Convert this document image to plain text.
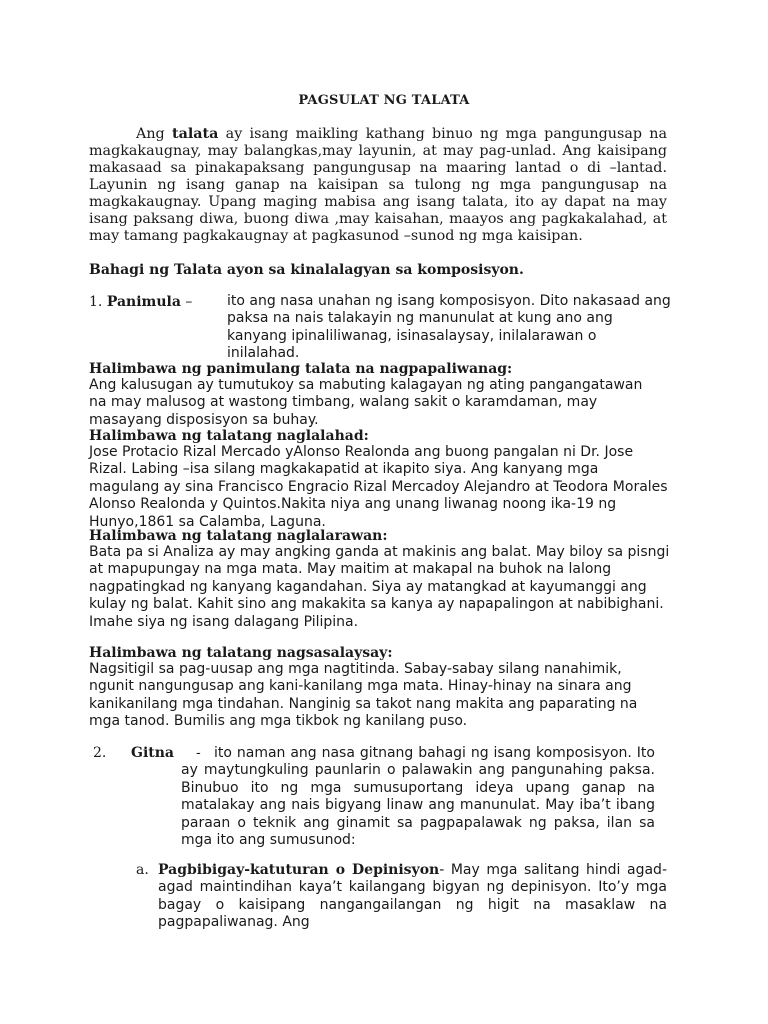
PAGSULAT NG TALATA
Ang talata ay isang maikling kathang binuo ng mga pangungusap na magkakaugnay, may balangkas,may layunin, at may pag-unlad. Ang kaisipang makasaad sa pinakapaksang pangungusap na maaring lantad o di –lantad. Layunin ng isang ganap na kaisipan sa tulong ng mga pangungusap na magkakaugnay. Upang maging mabisa ang isang talata, ito ay dapat na may isang paksang diwa, buong diwa ,may kaisahan, maayos ang pagkakalahad, at may tamang pagkakaugnay at pagkasunod –sunod ng mga kaisipan.
Bahagi ng Talata ayon sa kinalalagyan sa komposisyon.
1. Panimula – ito ang nasa unahan ng isang komposisyon. Dito nakasaad ang paksa na nais talakayin ng manunulat at kung ano ang kanyang ipinaliliwanag, isinasalaysay, inilalarawan o inilalahad.
Halimbawa ng panimulang talata na nagpapaliwanag:
Ang kalusugan ay tumutukoy sa mabuting kalagayan ng ating pangangatawan na may malusog at wastong timbang, walang sakit o karamdaman, may masayang disposisyon sa buhay.
Halimbawa ng talatang naglalahad:
Jose Protacio Rizal Mercado yAlonso Realonda ang buong pangalan ni Dr. Jose Rizal. Labing –isa silang magkakapatid at ikapito siya. Ang kanyang mga magulang ay sina Francisco Engracio Rizal Mercadoy Alejandro at Teodora Morales Alonso Realonda y Quintos.Nakita niya ang unang liwanag noong ika-19 ng Hunyo,1861 sa Calamba, Laguna.
Halimbawa ng talatang naglalarawan:
Bata pa si Analiza ay may angking ganda at makinis ang balat. May biloy sa pisngi at mapupungay na mga mata. May maitim at makapal na buhok na lalong nagpatingkad ng kanyang kagandahan. Siya ay matangkad at kayumanggi ang kulay ng balat. Kahit sino ang makakita sa kanya ay napapalingon at nabibighani. Imahe siya ng isang dalagang Pilipina.
Halimbawa ng talatang nagsasalaysay:
Nagsitigil sa pag-uusap ang mga nagtitinda. Sabay-sabay silang nanahimik, ngunit nangungusap ang kani-kanilang mga mata. Hinay-hinay na sinara ang kanikanilang mga tindahan. Nanginig sa takot nang makita ang paparating na mga tanod. Bumilis ang mga tikbok ng kanilang puso.
2. Gitna - ito naman ang nasa gitnang bahagi ng isang komposisyon. Ito ay maytungkuling paunlarin o palawakin ang pangunahing paksa. Binubuo ito ng mga sumusuportang ideya upang ganap na matalakay ang nais bigyang linaw ang manunulat. May iba’t ibang paraan o teknik ang ginamit sa pagpapalawak ng paksa, ilan sa mga ito ang sumusunod:
a. Pagbibigay-katuturan o Depinisyon- May mga salitang hindi agad-agad maintindihan kaya’t kailangang bigyan ng depinisyon. Ito’y mga bagay o kaisipang nangangailangan ng higit na masaklaw na pagpapaliwanag. Ang
